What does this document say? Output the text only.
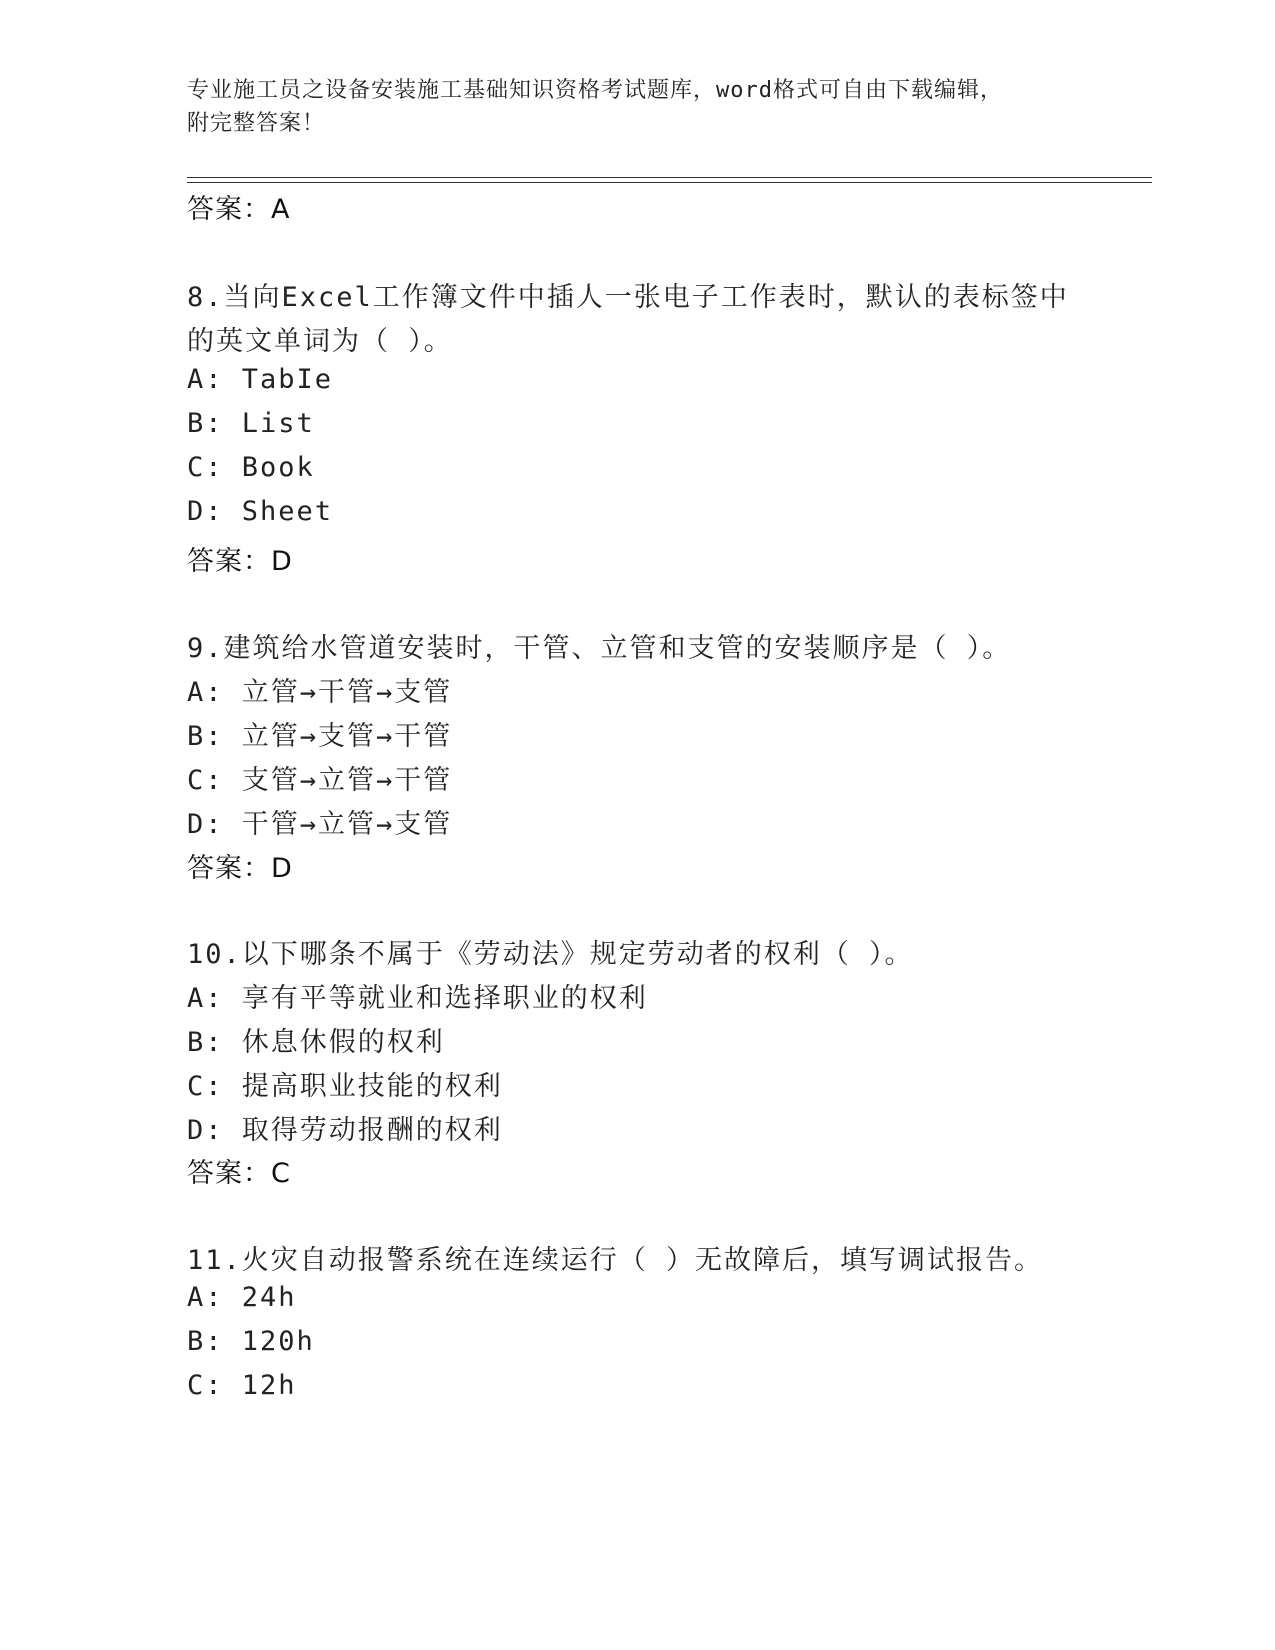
专业施工员之设备安装施工基础知识资格考试题库，word格式可自由下载编辑，
附完整答案！
答案：A
8.当向Excel工作簿文件中插人一张电子工作表时，默认的表标签中
的英文单词为（ ）。
A: TabIe
B: List
C: Book
D: Sheet
答案：D
9.建筑给水管道安装时，干管、立管和支管的安装顺序是（ ）。
A: 立管→干管→支管
B: 立管→支管→干管
C: 支管→立管→干管
D: 干管→立管→支管
答案：D
10.以下哪条不属于《劳动法》规定劳动者的权利（ ）。
A: 享有平等就业和选择职业的权利
B: 休息休假的权利
C: 提高职业技能的权利
D: 取得劳动报酬的权利
答案：C
11.火灾自动报警系统在连续运行（ ）无故障后，填写调试报告。
A: 24h
B: 120h
C: 12h
